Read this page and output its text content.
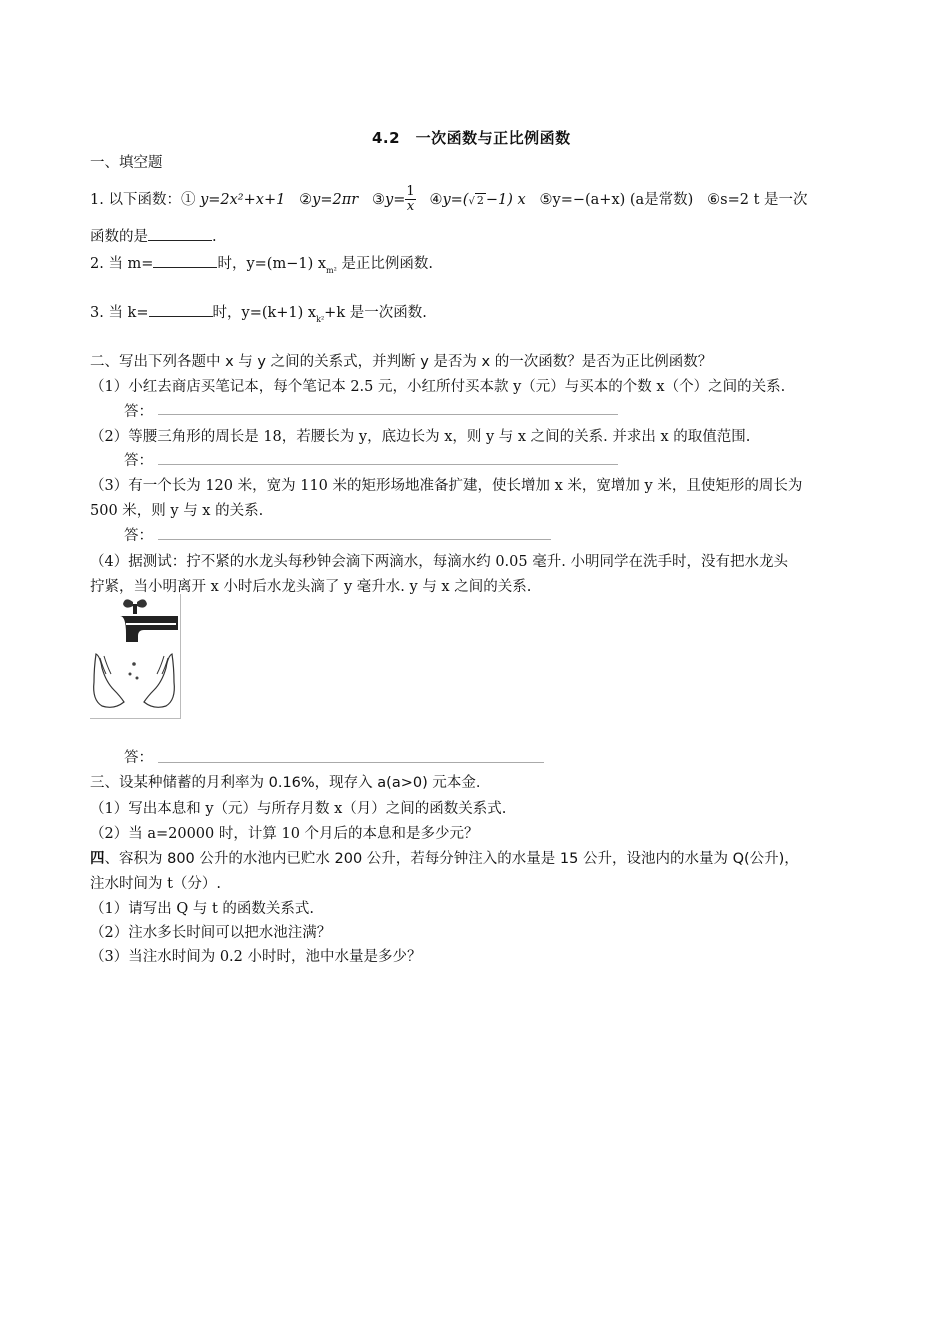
4.2　一次函数与正比例函数
一、填空题
1. 以下函数：① y=2x²+x+1 ②y=2πr ③y= $\frac{1}{x}$ ④y=(√ 2 −1) x ⑤y=−(a+x) (a是常数) ⑥s=2 t 是一次
函数的是	.
2. 当 m=	时，y=(m−1) $x_{m^2}$ 是正比例函数.
3. 当 k=	时，y=(k+1) $x_{k^2}+k$ 是一次函数.
二、写出下列各题中 x 与 y 之间的关系式，并判断 y 是否为 x 的一次函数？是否为正比例函数？
（1）小红去商店买笔记本，每个笔记本 2.5 元，小红所付买本款 y（元）与买本的个数 x（个）之间的关系.
答：
（2）等腰三角形的周长是 18，若腰长为 y，底边长为 x，则 y 与 x 之间的关系. 并求出 x 的取值范围.
答：
（3）有一个长为 120 米，宽为 110 米的矩形场地准备扩建，使长增加 x 米，宽增加 y 米，且使矩形的周长为
500 米，则 y 与 x 的关系.
答：
（4）据测试：拧不紧的水龙头每秒钟会滴下两滴水，每滴水约 0.05 毫升. 小明同学在洗手时，没有把水龙头
拧紧，当小明离开 x 小时后水龙头滴了 y 毫升水. y 与 x 之间的关系.
答：
三、设某种储蓄的月利率为 0.16%，现存入 a(a>0) 元本金.
（1）写出本息和 y（元）与所存月数 x（月）之间的函数关系式.
（2）当 a=20000 时，计算 10 个月后的本息和是多少元？
四、容积为 800 公升的水池内已贮水 200 公升，若每分钟注入的水量是 15 公升，设池内的水量为 Q(公升)，
注水时间为 t（分）.
（1）请写出 Q 与 t 的函数关系式.
（2）注水多长时间可以把水池注满？
（3）当注水时间为 0.2 小时时，池中水量是多少？
